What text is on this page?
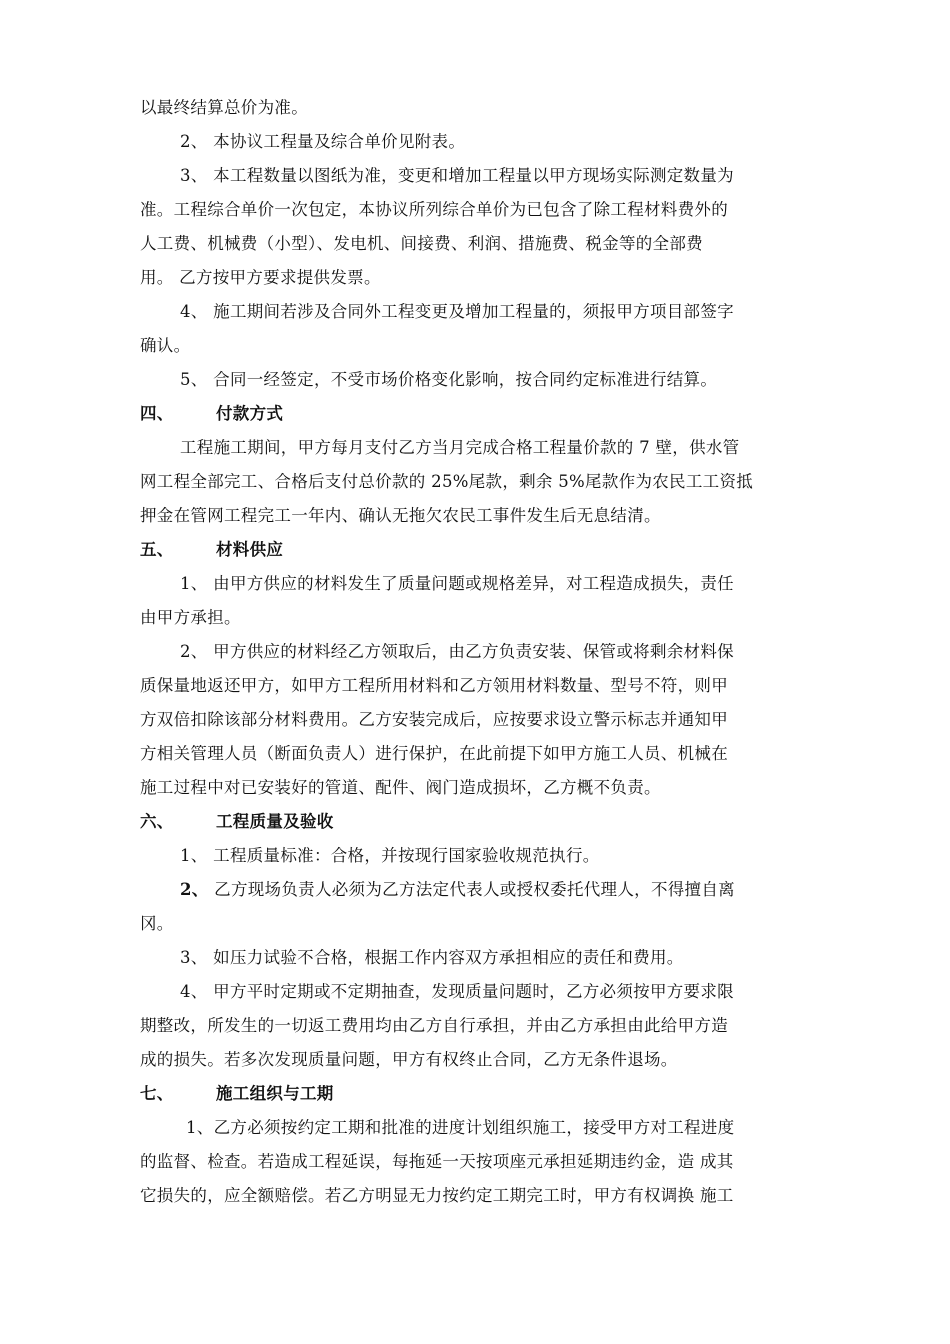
以最终结算总价为准。
2、 本协议工程量及综合单价见附表。
3、 本工程数量以图纸为准，变更和增加工程量以甲方现场实际测定数量为
准。工程综合单价一次包定，本协议所列综合单价为已包含了除工程材料费外的
人工费、机械费（小型）、发电机、间接费、利润、措施费、税金等的全部费
用。 乙方按甲方要求提供发票。
4、 施工期间若涉及合同外工程变更及增加工程量的，须报甲方项目部签字
确认。
5、 合同一经签定，不受市场价格变化影响，按合同约定标准进行结算。
四、	付款方式
工程施工期间，甲方每月支付乙方当月完成合格工程量价款的 7 壁，供水管
网工程全部完工、合格后支付总价款的 25%尾款，剩余 5%尾款作为农民工工资抵
押金在管网工程完工一年内、确认无拖欠农民工事件发生后无息结清。
五、	材料供应
1、 由甲方供应的材料发生了质量问题或规格差异，对工程造成损失，责任
由甲方承担。
2、 甲方供应的材料经乙方领取后，由乙方负责安装、保管或将剩余材料保
质保量地返还甲方，如甲方工程所用材料和乙方领用材料数量、型号不符，则甲
方双倍扣除该部分材料费用。乙方安装完成后，应按要求设立警示标志并通知甲
方相关管理人员（断面负责人）进行保护，在此前提下如甲方施工人员、机械在
施工过程中对已安装好的管道、配件、阀门造成损坏，乙方概不负责。
六、	工程质量及验收
1、 工程质量标准：合格，并按现行国家验收规范执行。
2、 乙方现场负责人必须为乙方法定代表人或授权委托代理人，不得擅自离
冈。
3、 如压力试验不合格，根据工作内容双方承担相应的责任和费用。
4、 甲方平时定期或不定期抽查，发现质量问题时，乙方必须按甲方要求限
期整改，所发生的一切返工费用均由乙方自行承担，并由乙方承担由此给甲方造
成的损失。若多次发现质量问题，甲方有权终止合同，乙方无条件退场。
七、	施工组织与工期
1、乙方必须按约定工期和批准的进度计划组织施工，接受甲方对工程进度
的监督、检查。若造成工程延误，每拖延一天按项座元承担延期违约金，造 成其
它损失的，应全额赔偿。若乙方明显无力按约定工期完工时，甲方有权调换 施工
